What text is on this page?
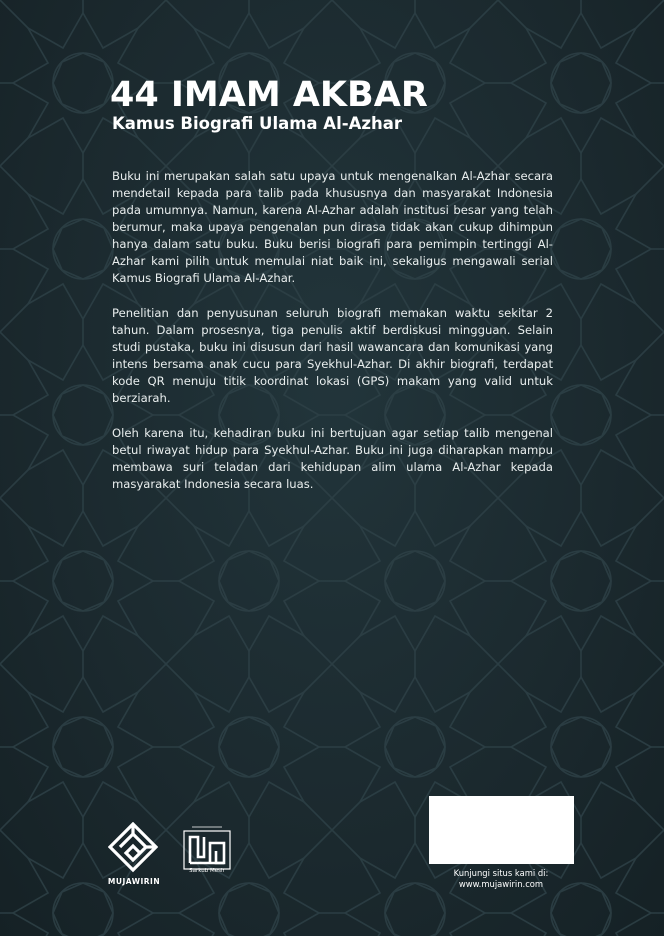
44 IMAM AKBAR
Kamus Biografi Ulama Al-Azhar

Buku ini merupakan salah satu upaya untuk mengenalkan Al-Azhar secara mendetail kepada para talib pada khususnya dan masyarakat Indonesia pada umumnya. Namun, karena Al-Azhar adalah institusi besar yang telah berumur, maka upaya pengenalan pun dirasa tidak akan cukup dihimpun hanya dalam satu buku. Buku berisi biografi para pemimpin tertinggi Al-Azhar kami pilih untuk memulai niat baik ini, sekaligus mengawali serial Kamus Biografi Ulama Al-Azhar.

Penelitian dan penyusunan seluruh biografi memakan waktu sekitar 2 tahun. Dalam prosesnya, tiga penulis aktif berdiskusi mingguan. Selain studi pustaka, buku ini disusun dari hasil wawancara dan komunikasi yang intens bersama anak cucu para Syekhul-Azhar. Di akhir biografi, terdapat kode QR menuju titik koordinat lokasi (GPS) makam yang valid untuk berziarah.

Oleh karena itu, kehadiran buku ini bertujuan agar setiap talib mengenal betul riwayat hidup para Syekhul-Azhar. Buku ini juga diharapkan mampu membawa suri teladan dari kehidupan alim ulama Al-Azhar kepada masyarakat Indonesia secara luas.

MUJAWIRIN
Sarkub Mesir	Kunjungi situs kami di:
www.mujawirin.com
